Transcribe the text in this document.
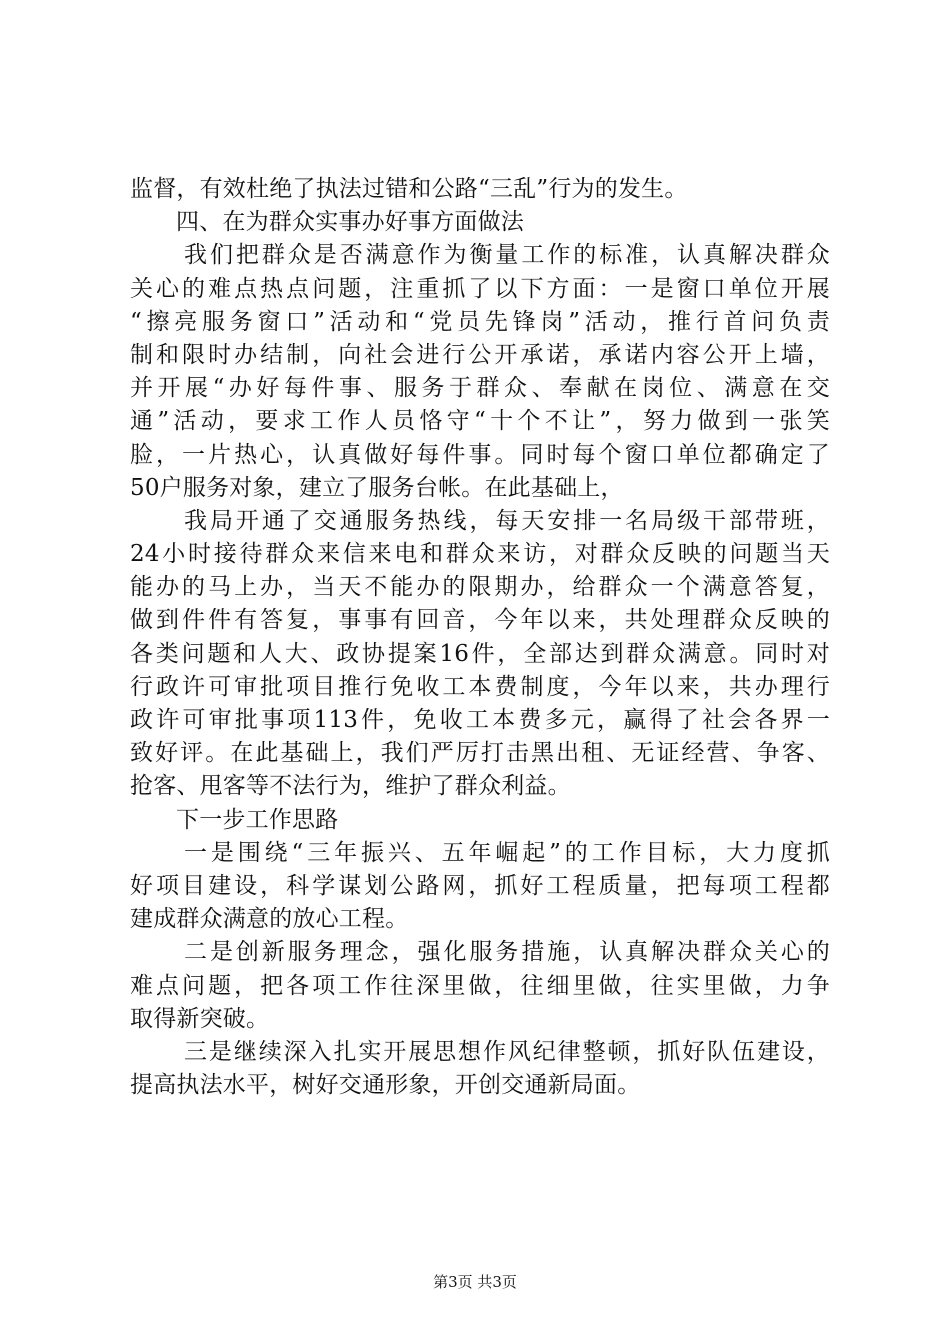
监督，有效杜绝了执法过错和公路“三乱”行为的发生。
四、在为群众实事办好事方面做法
我们把群众是否满意作为衡量工作的标准，认真解决群众
关心的难点热点问题，注重抓了以下方面：一是窗口单位开展
“擦亮服务窗口”活动和“党员先锋岗”活动，推行首问负责
制和限时办结制，向社会进行公开承诺，承诺内容公开上墙，
并开展“办好每件事、服务于群众、奉献在岗位、满意在交
通”活动，要求工作人员恪守“十个不让”，努力做到一张笑
脸，一片热心，认真做好每件事。同时每个窗口单位都确定了
50户服务对象，建立了服务台帐。在此基础上，
我局开通了交通服务热线，每天安排一名局级干部带班，
24小时接待群众来信来电和群众来访，对群众反映的问题当天
能办的马上办，当天不能办的限期办，给群众一个满意答复，
做到件件有答复，事事有回音，今年以来，共处理群众反映的
各类问题和人大、政协提案16件，全部达到群众满意。同时对
行政许可审批项目推行免收工本费制度，今年以来，共办理行
政许可审批事项113件，免收工本费多元，赢得了社会各界一
致好评。在此基础上，我们严厉打击黑出租、无证经营、争客、
抢客、甩客等不法行为，维护了群众利益。
下一步工作思路
一是围绕“三年振兴、五年崛起”的工作目标，大力度抓
好项目建设，科学谋划公路网，抓好工程质量，把每项工程都
建成群众满意的放心工程。
二是创新服务理念，强化服务措施，认真解决群众关心的
难点问题，把各项工作往深里做，往细里做，往实里做，力争
取得新突破。
三是继续深入扎实开展思想作风纪律整顿，抓好队伍建设，
提高执法水平，树好交通形象，开创交通新局面。
第3页 共3页
